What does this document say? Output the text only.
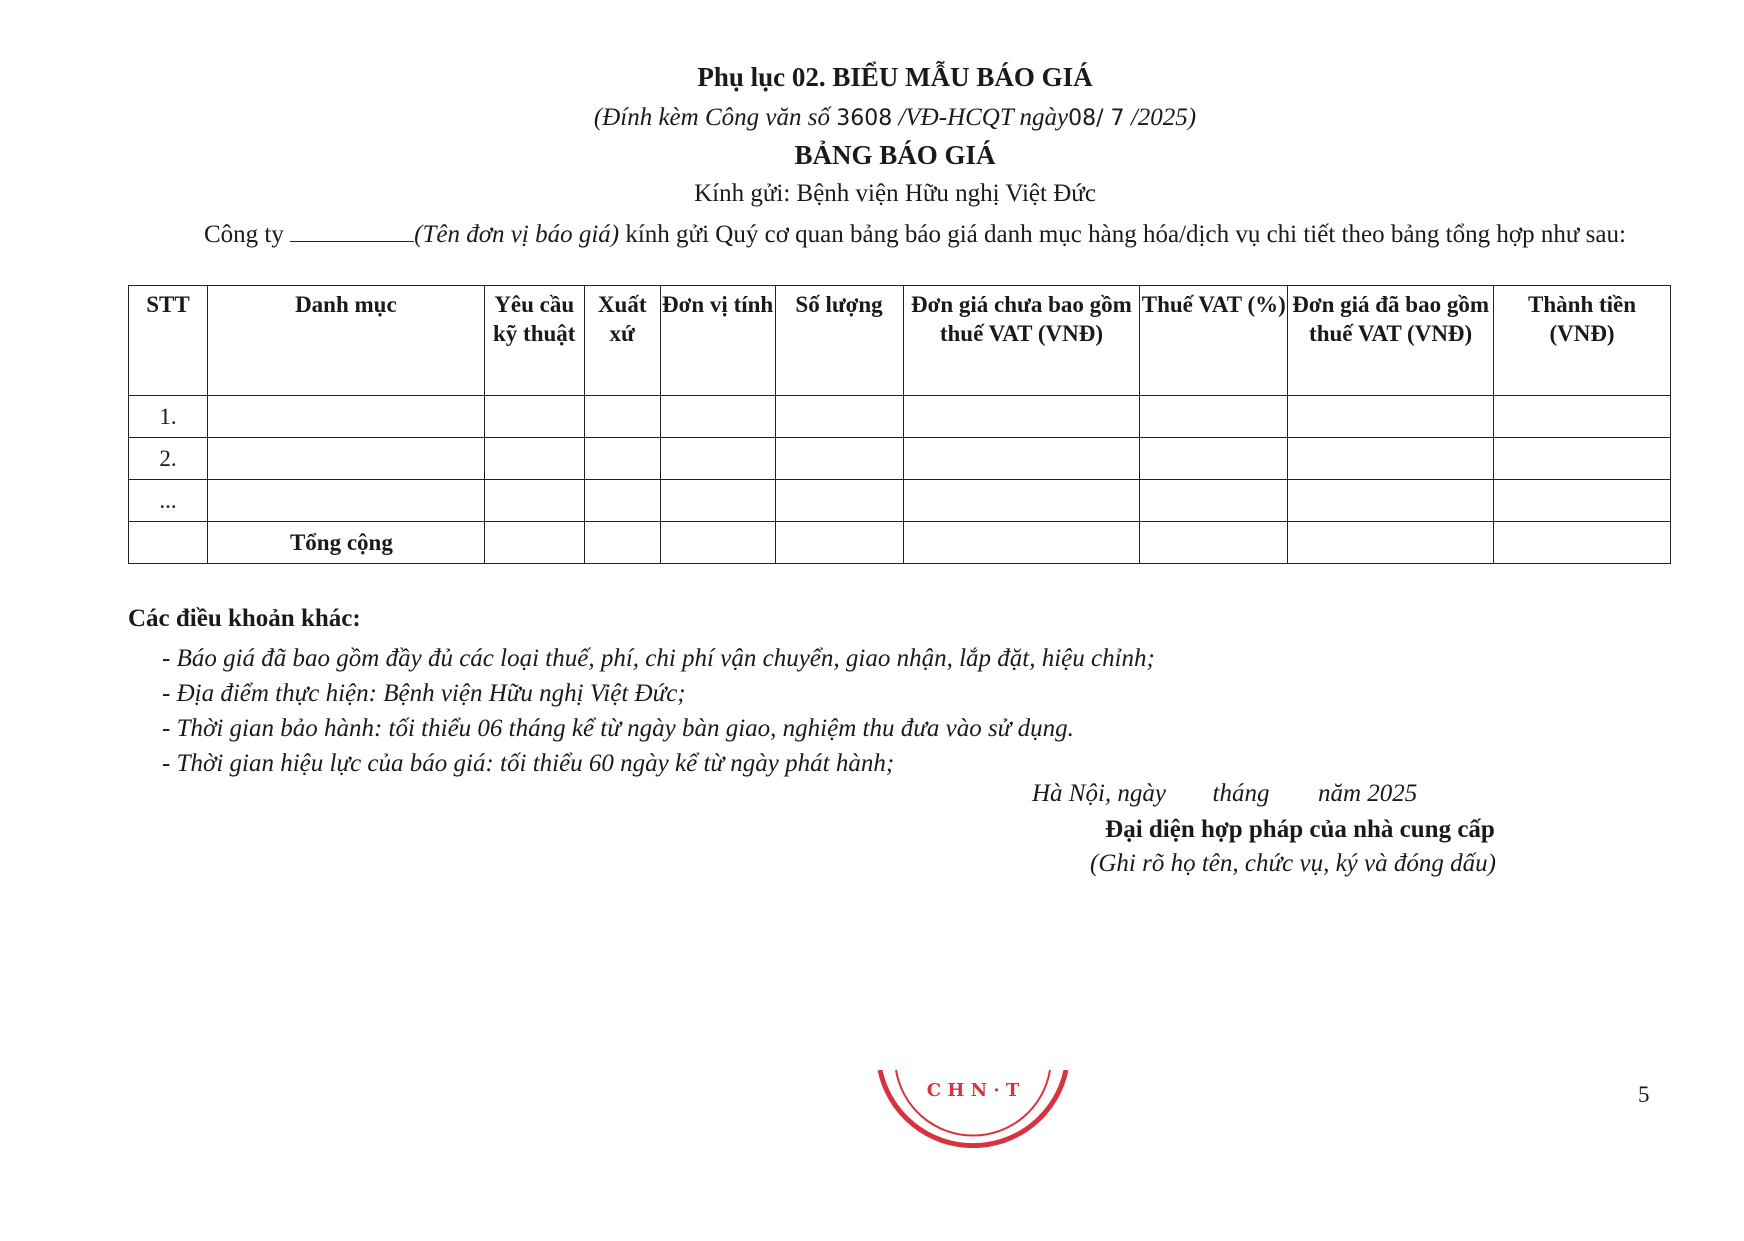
Phụ lục 02. BIỂU MẪU BÁO GIÁ
(Đính kèm Công văn số 3608 /VĐ-HCQT ngày08/ 7 /2025)
BẢNG BÁO GIÁ
Kính gửi: Bệnh viện Hữu nghị Việt Đức
Công ty	(Tên đơn vị báo giá) kính gửi Quý cơ quan bảng báo giá danh mục hàng hóa/dịch vụ chi tiết theo bảng tổng hợp như sau:
STT	Danh mục	Yêu cầu kỹ thuật	Xuất xứ	Đơn vị tính	Số lượng	Đơn giá chưa bao gồm thuế VAT (VNĐ)	Thuế VAT (%)	Đơn giá đã bao gồm thuế VAT (VNĐ)	Thành tiền (VNĐ)
1.									
2.									
...									
	Tổng cộng								
Các điều khoản khác:
- Báo giá đã bao gồm đầy đủ các loại thuế, phí, chi phí vận chuyển, giao nhận, lắp đặt, hiệu chỉnh;
- Địa điểm thực hiện: Bệnh viện Hữu nghị Việt Đức;
- Thời gian bảo hành: tối thiểu 06 tháng kể từ ngày bàn giao, nghiệm thu đưa vào sử dụng.
- Thời gian hiệu lực của báo giá: tối thiểu 60 ngày kể từ ngày phát hành;
Hà Nội, ngày tháng năm 2025
Đại diện hợp pháp của nhà cung cấp
(Ghi rõ họ tên, chức vụ, ký và đóng dấu)
C H N · T	5
